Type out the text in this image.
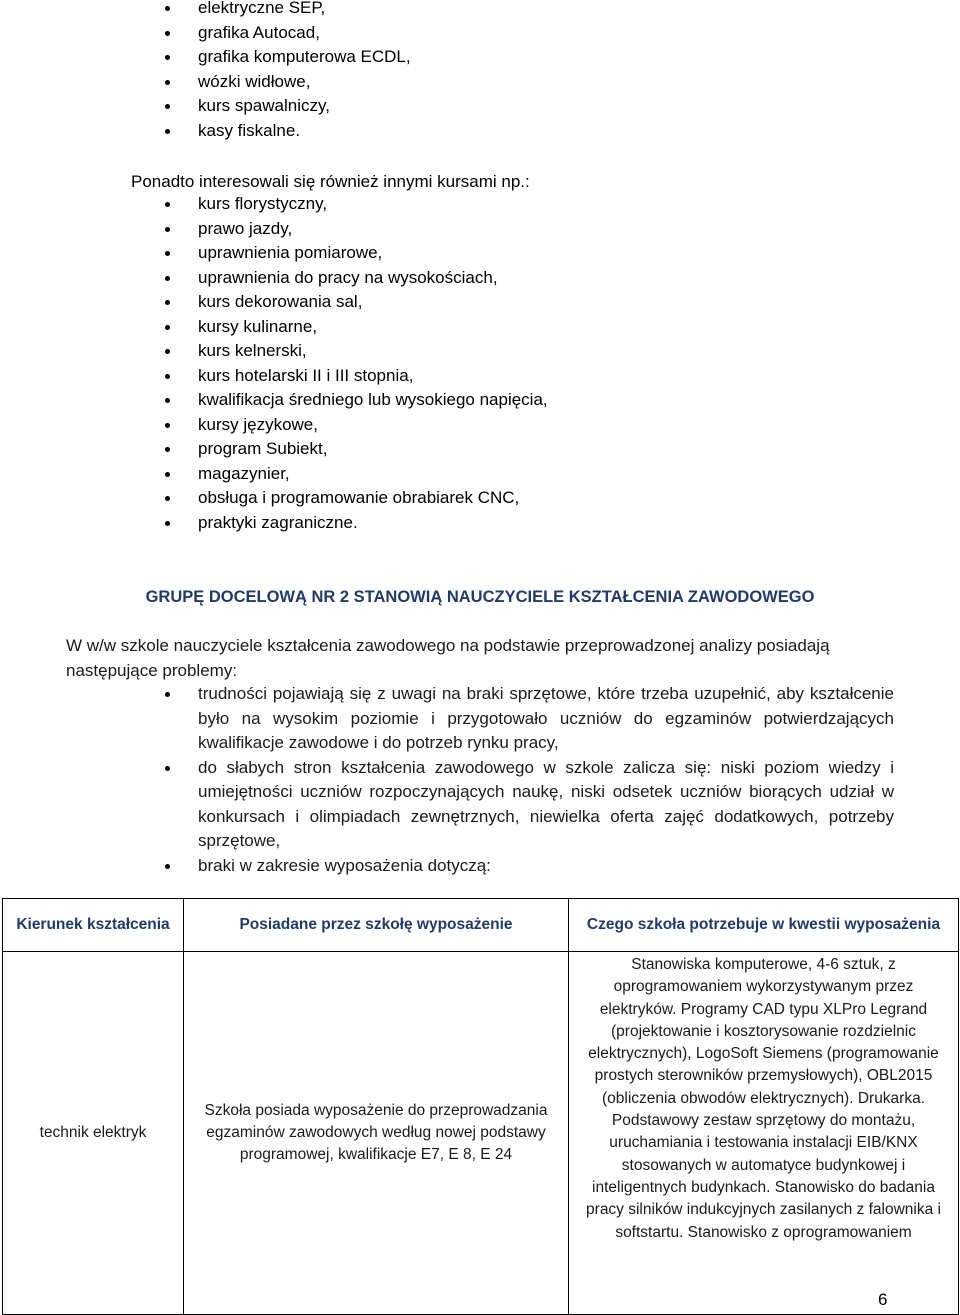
elektryczne SEP,
grafika Autocad,
grafika komputerowa ECDL,
wózki widłowe,
kurs spawalniczy,
kasy fiskalne.
Ponadto interesowali się również innymi kursami np.:
kurs florystyczny,
prawo jazdy,
uprawnienia pomiarowe,
uprawnienia do pracy na wysokościach,
kurs dekorowania sal,
kursy kulinarne,
kurs kelnerski,
kurs hotelarski II i III stopnia,
kwalifikacja średniego lub wysokiego napięcia,
kursy językowe,
program Subiekt,
magazynier,
obsługa i programowanie obrabiarek CNC,
praktyki zagraniczne.
GRUPĘ DOCELOWĄ NR 2 STANOWIĄ NAUCZYCIELE KSZTAŁCENIA ZAWODOWEGO
W w/w szkole nauczyciele kształcenia zawodowego na podstawie przeprowadzonej analizy posiadają następujące problemy:
trudności pojawiają się z uwagi na braki sprzętowe, które trzeba uzupełnić, aby kształcenie było na wysokim poziomie i przygotowało uczniów do egzaminów potwierdzających kwalifikacje zawodowe i do potrzeb rynku pracy,
do słabych stron kształcenia zawodowego w szkole zalicza się: niski poziom wiedzy i umiejętności uczniów rozpoczynających naukę, niski odsetek uczniów biorących udział w konkursach i olimpiadach zewnętrznych, niewielka oferta zajęć dodatkowych, potrzeby sprzętowe,
braki w zakresie wyposażenia dotyczą:
Kierunek kształcenia	Posiadane przez szkołę wyposażenie	Czego szkoła potrzebuje w kwestii wyposażenia
technik elektryk	Szkoła posiada wyposażenie do przeprowadzania egzaminów zawodowych według nowej podstawy programowej, kwalifikacje E7, E 8, E 24	Stanowiska komputerowe, 4-6 sztuk, z oprogramowaniem wykorzystywanym przez elektryków. Programy CAD typu XLPro Legrand (projektowanie i kosztorysowanie rozdzielnic elektrycznych), LogoSoft Siemens (programowanie prostych sterowników przemysłowych), OBL2015 (obliczenia obwodów elektrycznych). Drukarka. Podstawowy zestaw sprzętowy do montażu, uruchamiania i testowania instalacji EIB/KNX stosowanych w automatyce budynkowej i inteligentnych budynkach. Stanowisko do badania pracy silników indukcyjnych zasilanych z falownika i softstartu. Stanowisko z oprogramowaniem
6
